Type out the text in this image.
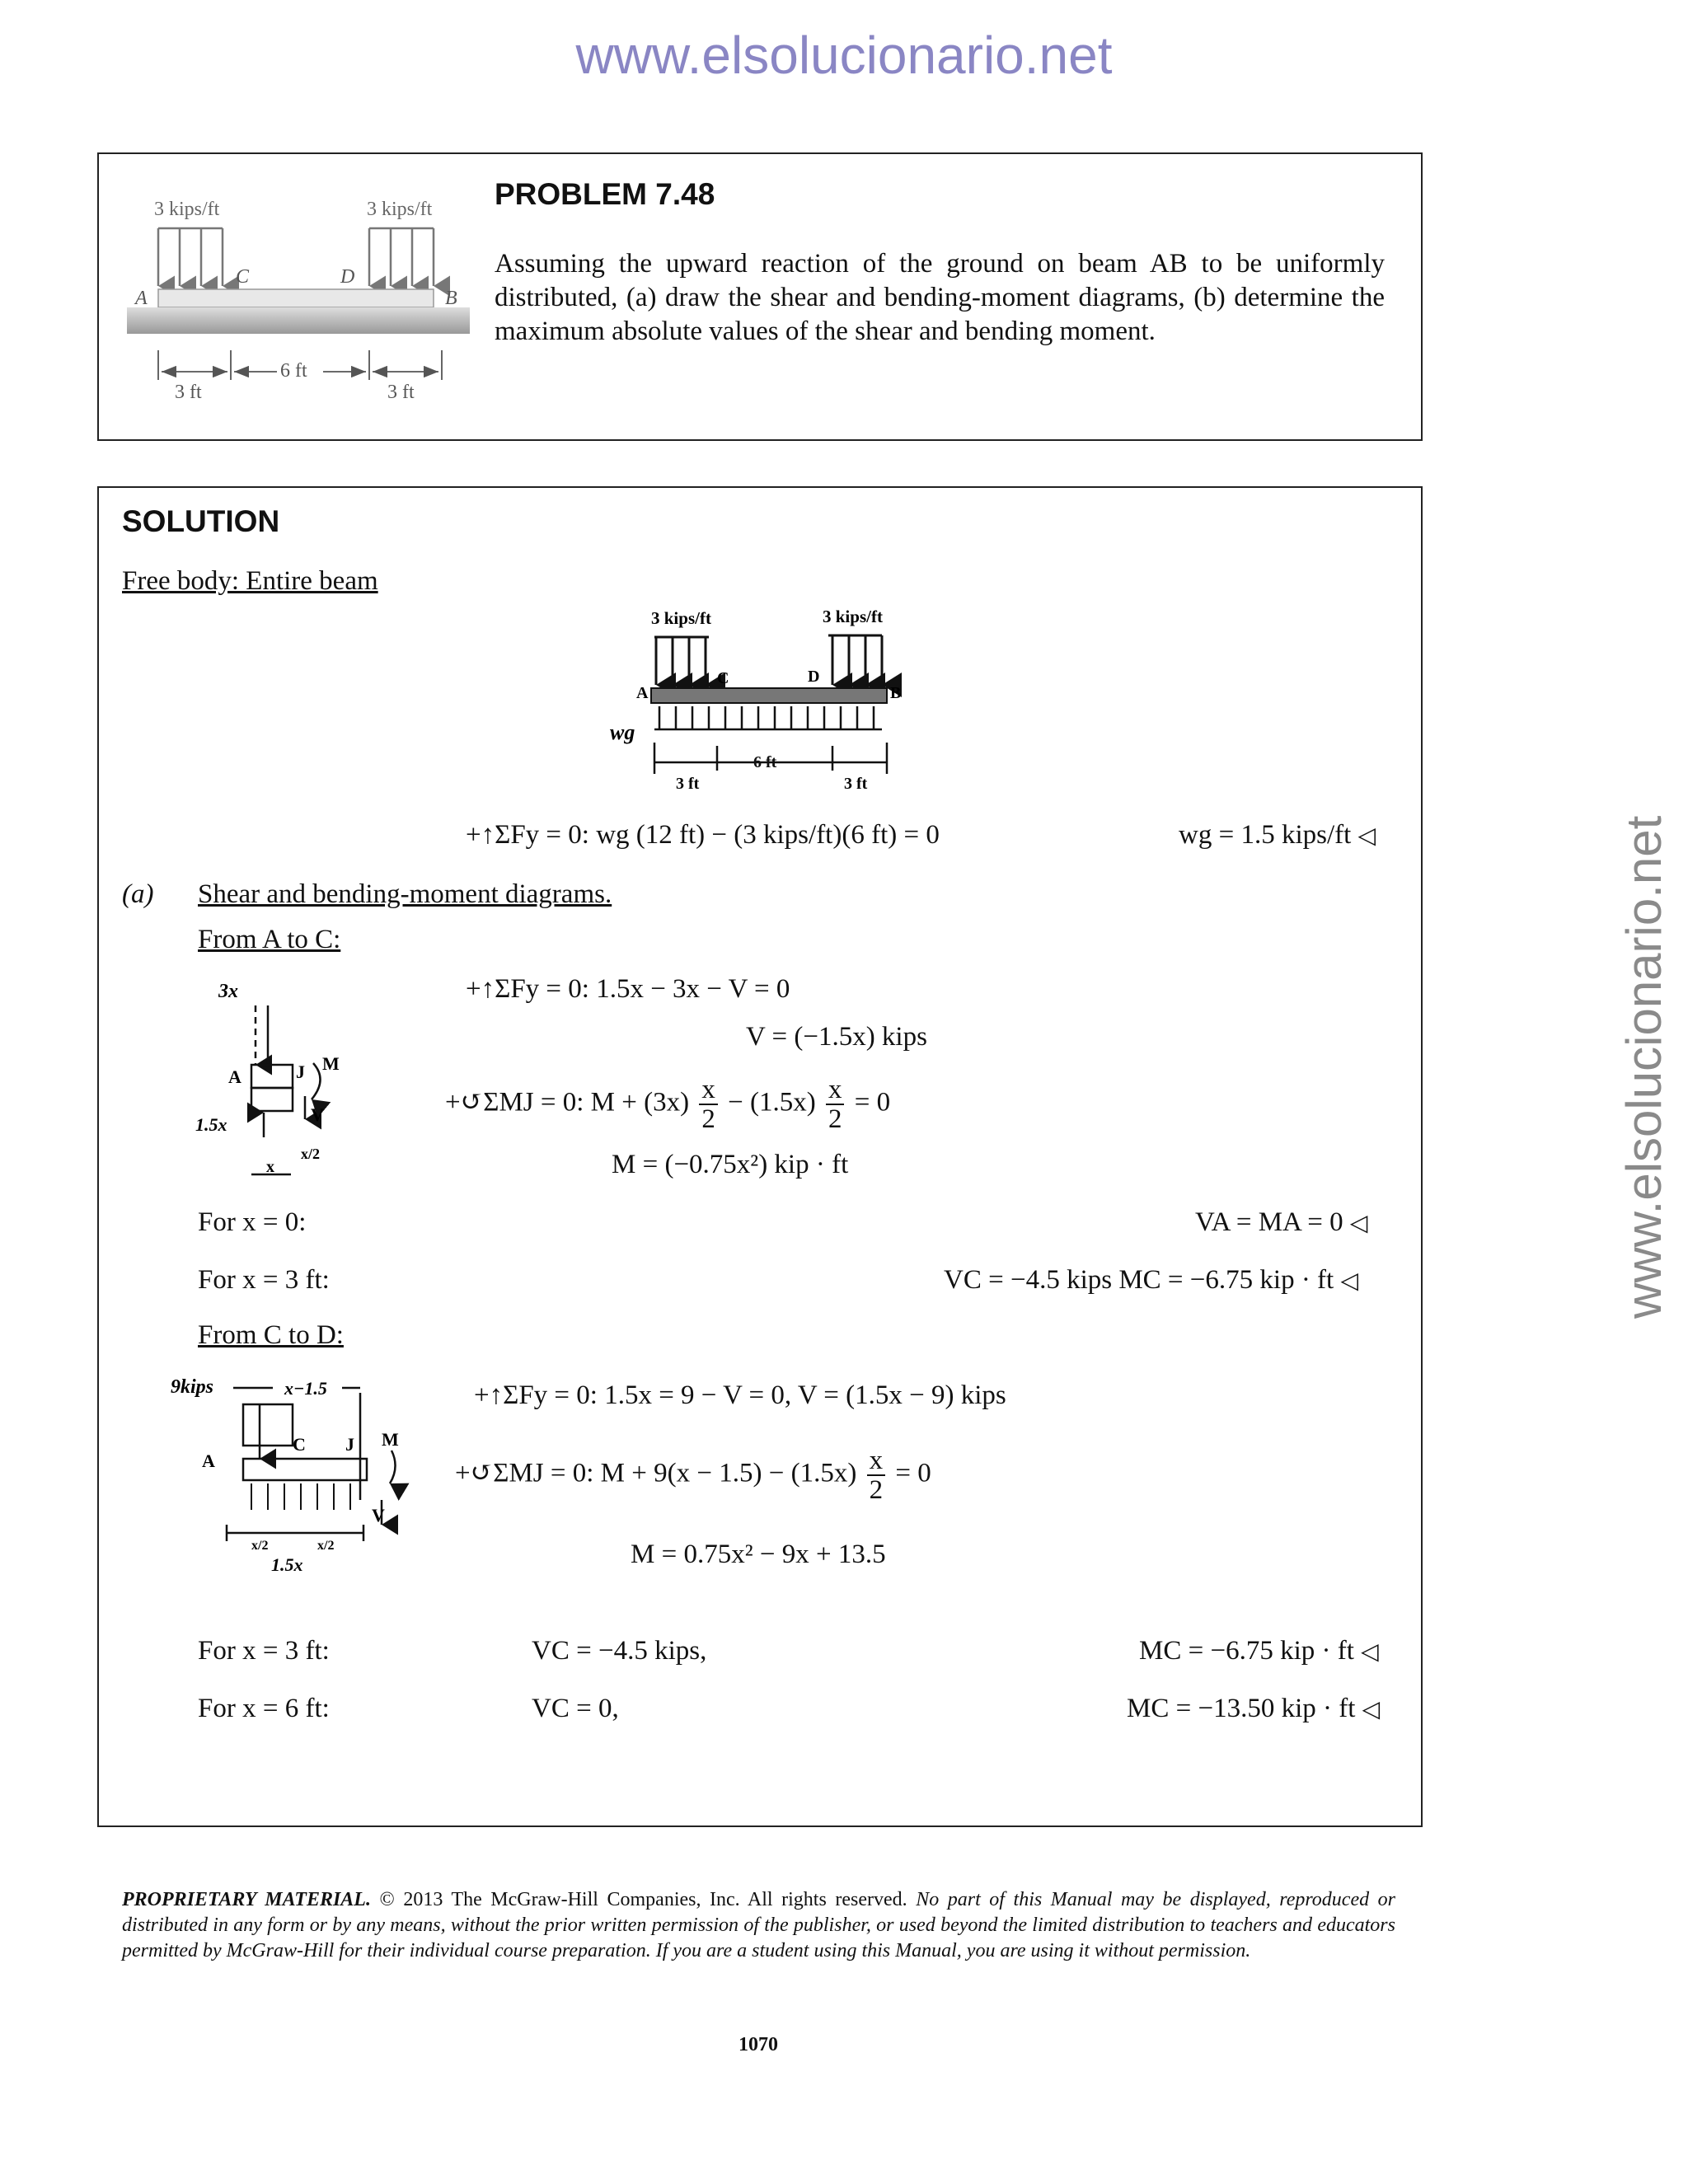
www.elsolucionario.net
www.elsolucionario.net
3 kips/ft	3 kips/ft
A
C	D
B
6 ft
3 ft	3 ft
PROBLEM 7.48
Assuming the upward reaction of the ground on beam AB to be uniformly distributed, (a) draw the shear and bending-moment diagrams, (b) determine the maximum absolute values of the shear and bending moment.
SOLUTION
Free body: Entire beam
3 kips/ft	3 kips/ft
A
C	D
B
wg
6 ft
3 ft	3 ft
+↑ΣFy = 0: wg (12 ft) − (3 kips/ft)(6 ft) = 0	wg = 1.5 kips/ft ◁
(a) Shear and bending-moment diagrams.
From A to C:
3x
A	J M
V
1.5x
x/2
x
+↑ΣFy = 0: 1.5x − 3x − V = 0
V = (−1.5x) kips
+↺ΣMJ = 0: $M + (3x) \frac{x}{2} - (1.5x) \frac{x}{2} = 0$
M = (−0.75x²) kip · ft
For x = 0:	VA = MA = 0 ◁
For x = 3 ft:	VC = −4.5 kips MC = −6.75 kip · ft ◁
From C to D:
9kips	x−1.5
A
C J M
V
x/2	x/2
1.5x
+↑ΣFy = 0: 1.5x = 9 − V = 0, V = (1.5x − 9) kips
+↺ΣMJ = 0: $M + 9(x - 1.5) - (1.5x) \frac{x}{2} = 0$
M = 0.75x² − 9x + 13.5
For x = 3 ft:	VC = −4.5 kips,	MC = −6.75 kip · ft ◁
For x = 6 ft:	VC = 0,	MC = −13.50 kip · ft ◁
PROPRIETARY MATERIAL. © 2013 The McGraw-Hill Companies, Inc. All rights reserved. No part of this Manual may be displayed, reproduced or distributed in any form or by any means, without the prior written permission of the publisher, or used beyond the limited distribution to teachers and educators permitted by McGraw-Hill for their individual course preparation. If you are a student using this Manual, you are using it without permission.
1070
